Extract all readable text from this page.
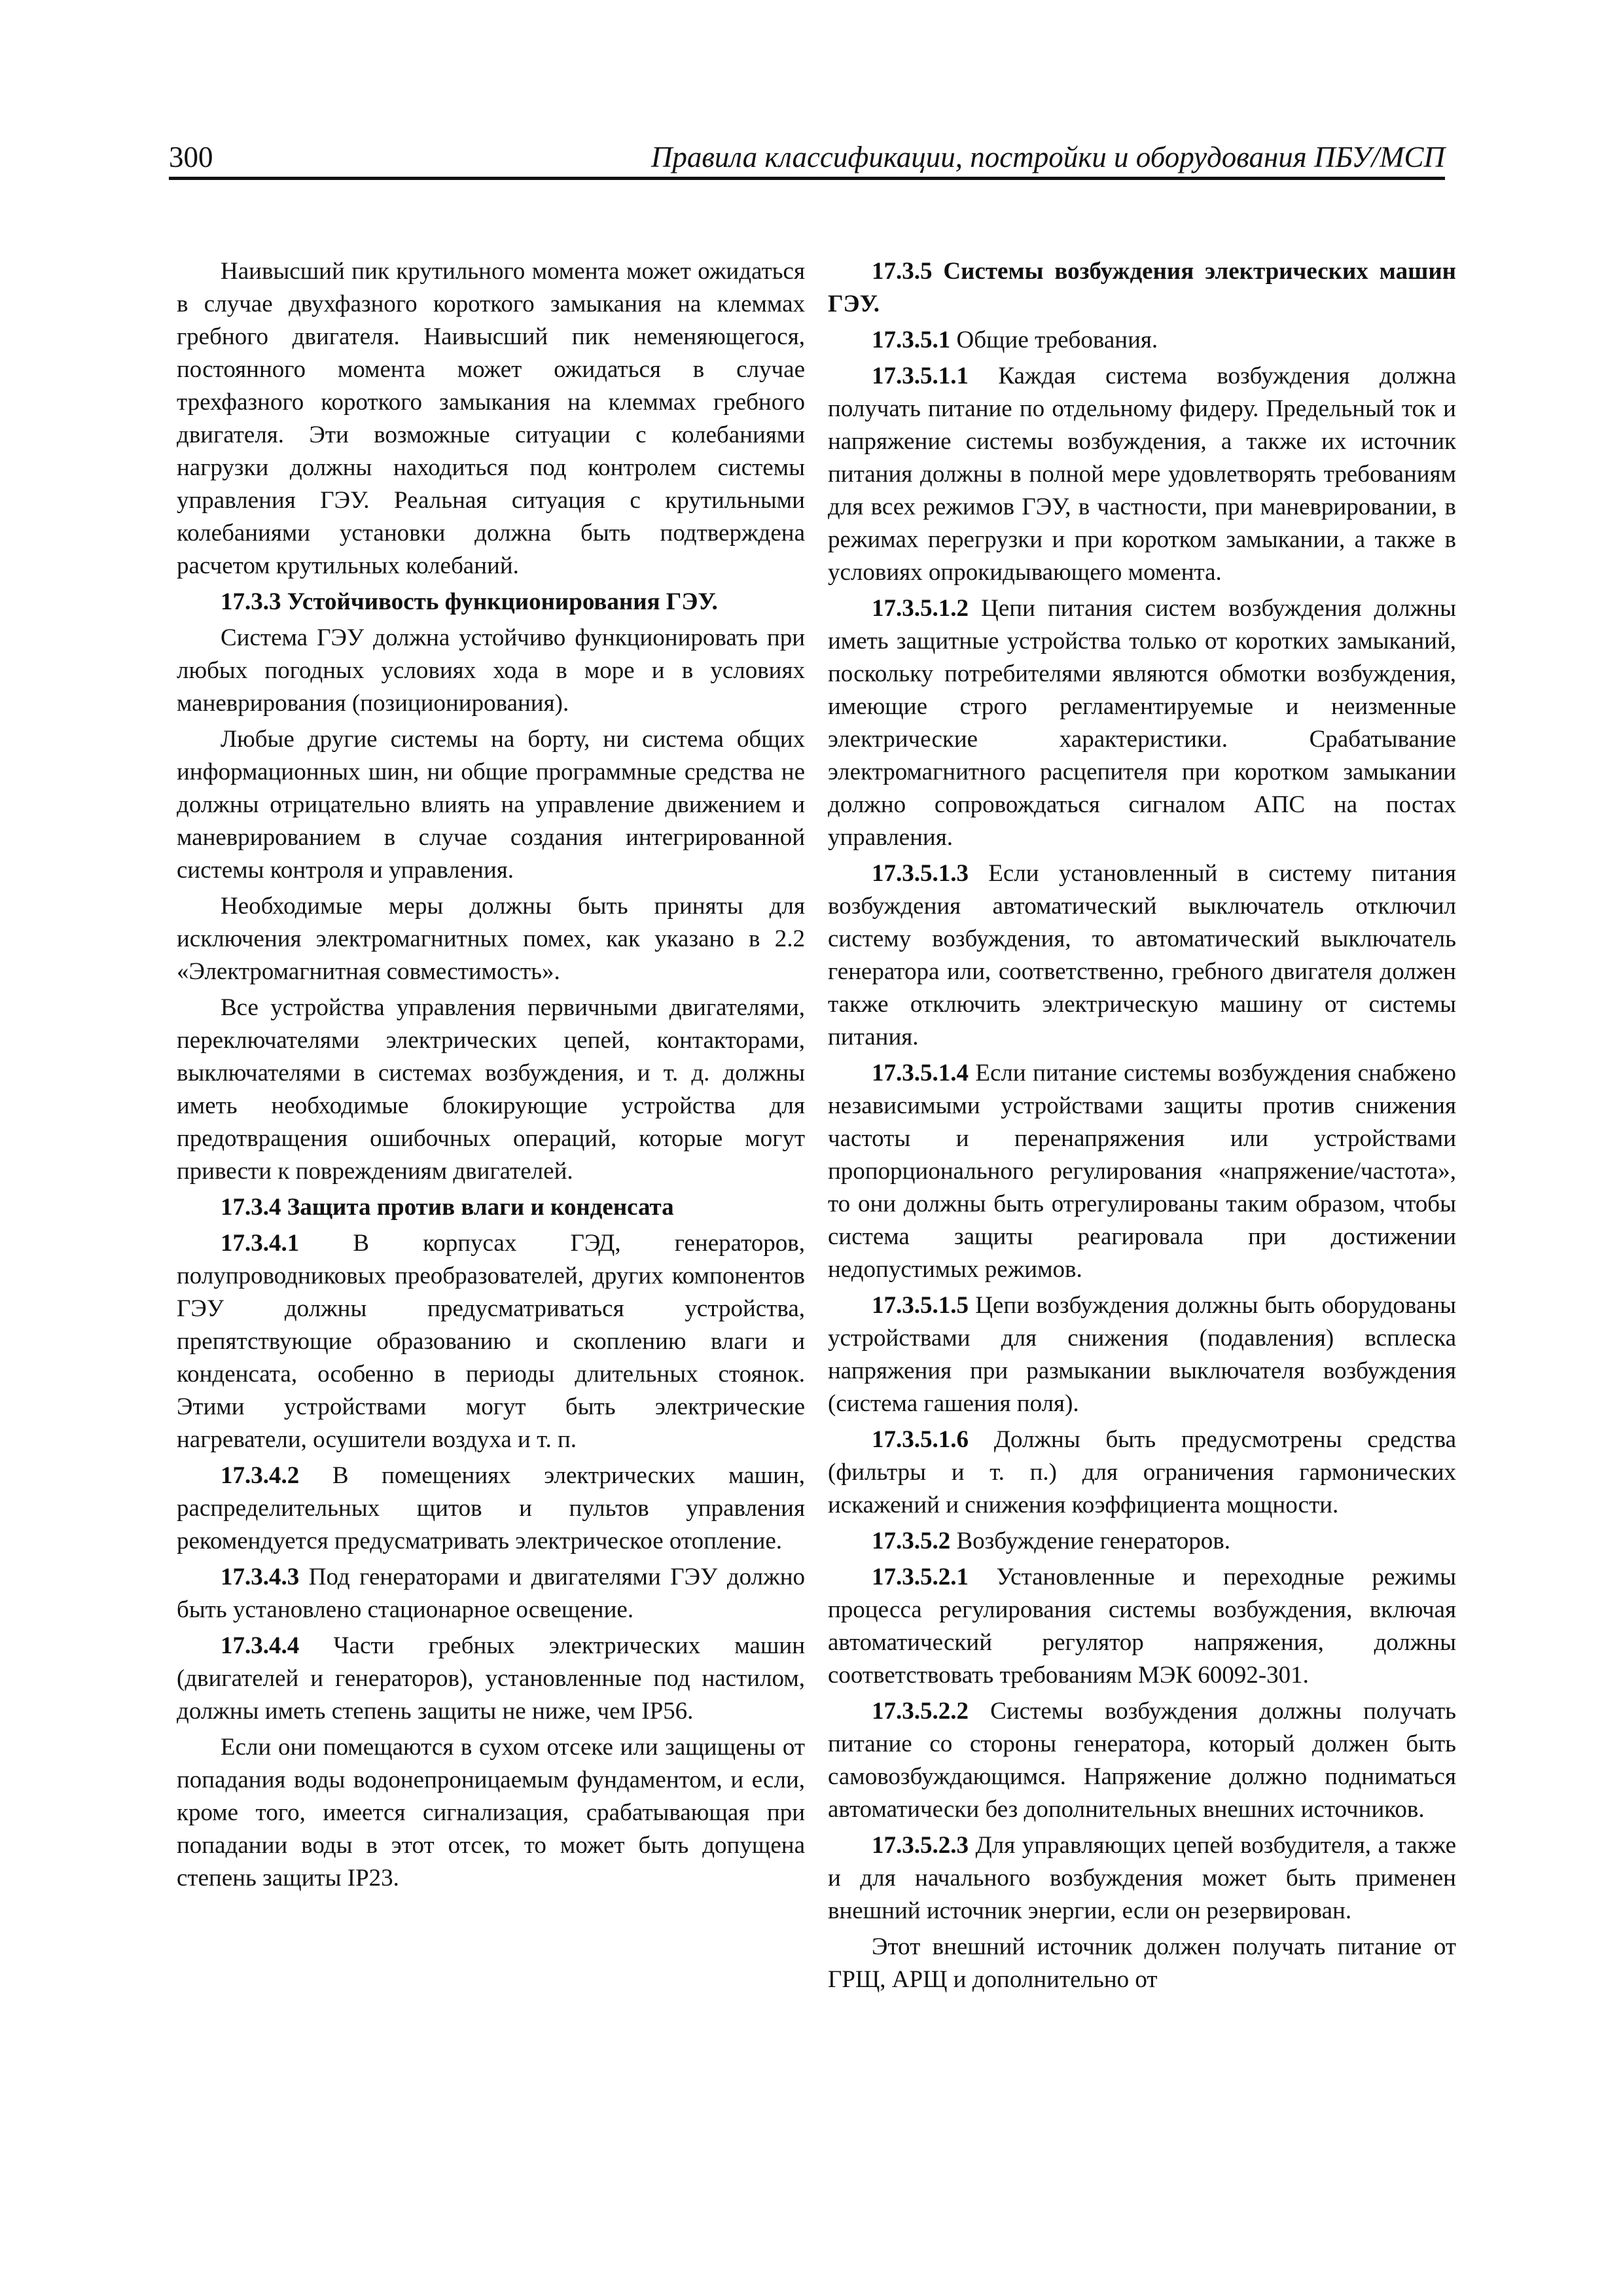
300	Правила классификации, постройки и оборудования ПБУ/МСП

Наивысший пик крутильного момента может ожидаться в случае двухфазного короткого замыкания на клеммах гребного двигателя. Наивысший пик неменяющегося, постоянного момента может ожидаться в случае трехфазного короткого замыкания на клеммах гребного двигателя. Эти возможные ситуации с колебаниями нагрузки должны находиться под контролем системы управления ГЭУ. Реальная ситуация с крутильными колебаниями установки должна быть подтверждена расчетом крутильных колебаний.

17.3.3 Устойчивость функционирования ГЭУ.

Система ГЭУ должна устойчиво функционировать при любых погодных условиях хода в море и в условиях маневрирования (позиционирования).

Любые другие системы на борту, ни система общих информационных шин, ни общие программные средства не должны отрицательно влиять на управление движением и маневрированием в случае создания интегрированной системы контроля и управления.

Необходимые меры должны быть приняты для исключения электромагнитных помех, как указано в 2.2 «Электромагнитная совместимость».

Все устройства управления первичными двигателями, переключателями электрических цепей, контакторами, выключателями в системах возбуждения, и т. д. должны иметь необходимые блокирующие устройства для предотвращения ошибочных операций, которые могут привести к повреждениям двигателей.

17.3.4 Защита против влаги и конденсата

17.3.4.1 В корпусах ГЭД, генераторов, полупроводниковых преобразователей, других компонентов ГЭУ должны предусматриваться устройства, препятствующие образованию и скоплению влаги и конденсата, особенно в периоды длительных стоянок. Этими устройствами могут быть электрические нагреватели, осушители воздуха и т. п.

17.3.4.2 В помещениях электрических машин, распределительных щитов и пультов управления рекомендуется предусматривать электрическое отопление.

17.3.4.3 Под генераторами и двигателями ГЭУ должно быть установлено стационарное освещение.

17.3.4.4 Части гребных электрических машин (двигателей и генераторов), установленные под настилом, должны иметь степень защиты не ниже, чем IP56.

Если они помещаются в сухом отсеке или защищены от попадания воды водонепроницаемым фундаментом, и если, кроме того, имеется сигнализация, срабатывающая при попадании воды в этот отсек, то может быть допущена степень защиты IP23.

17.3.5 Системы возбуждения электрических машин ГЭУ.

17.3.5.1 Общие требования.

17.3.5.1.1 Каждая система возбуждения должна получать питание по отдельному фидеру. Предельный ток и напряжение системы возбуждения, а также их источник питания должны в полной мере удовлетворять требованиям для всех режимов ГЭУ, в частности, при маневрировании, в режимах перегрузки и при коротком замыкании, а также в условиях опрокидывающего момента.

17.3.5.1.2 Цепи питания систем возбуждения должны иметь защитные устройства только от коротких замыканий, поскольку потребителями являются обмотки возбуждения, имеющие строго регламентируемые и неизменные электрические характеристики. Срабатывание электромагнитного расцепителя при коротком замыкании должно сопровождаться сигналом АПС на постах управления.

17.3.5.1.3 Если установленный в систему питания возбуждения автоматический выключатель отключил систему возбуждения, то автоматический выключатель генератора или, соответственно, гребного двигателя должен также отключить электрическую машину от системы питания.

17.3.5.1.4 Если питание системы возбуждения снабжено независимыми устройствами защиты против снижения частоты и перенапряжения или устройствами пропорционального регулирования «напряжение/частота», то они должны быть отрегулированы таким образом, чтобы система защиты реагировала при достижении недопустимых режимов.

17.3.5.1.5 Цепи возбуждения должны быть оборудованы устройствами для снижения (подавления) всплеска напряжения при размыкании выключателя возбуждения (система гашения поля).

17.3.5.1.6 Должны быть предусмотрены средства (фильтры и т. п.) для ограничения гармонических искажений и снижения коэффициента мощности.

17.3.5.2 Возбуждение генераторов.

17.3.5.2.1 Установленные и переходные режимы процесса регулирования системы возбуждения, включая автоматический регулятор напряжения, должны соответствовать требованиям МЭК 60092-301.

17.3.5.2.2 Системы возбуждения должны получать питание со стороны генератора, который должен быть самовозбуждающимся. Напряжение должно подниматься автоматически без дополнительных внешних источников.

17.3.5.2.3 Для управляющих цепей возбудителя, а также и для начального возбуждения может быть применен внешний источник энергии, если он резервирован.

Этот внешний источник должен получать питание от ГРЩ, АРЩ и дополнительно от
